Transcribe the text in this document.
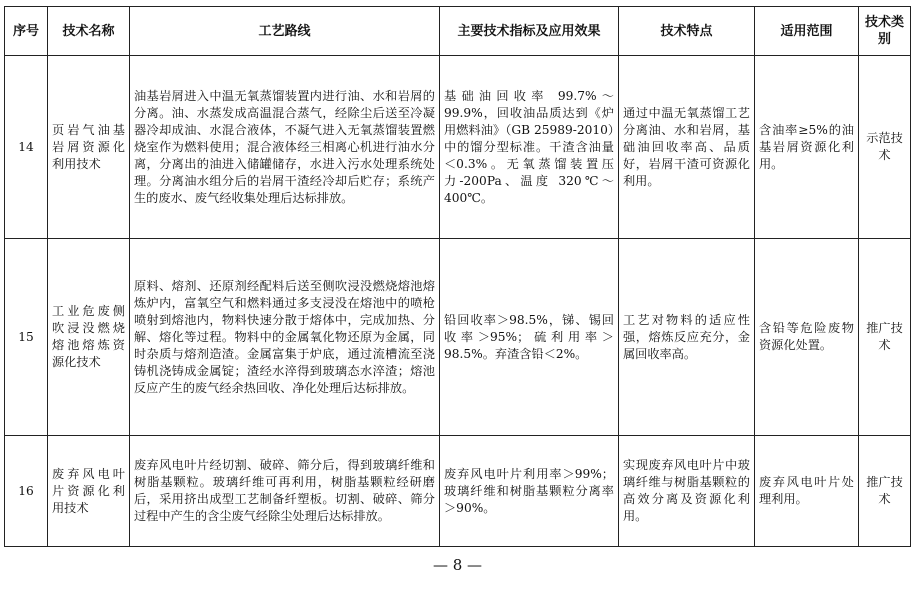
序号	技术名称	工艺路线	主要技术指标及应用效果	技术特点	适用范围	技术类别
14	页岩气油基岩屑资源化利用技术	油基岩屑进入中温无氧蒸馏装置内进行油、水和岩屑的分离。油、水蒸发成高温混合蒸气，经除尘后送至冷凝器冷却成油、水混合液体，不凝气进入无氧蒸馏装置燃烧室作为燃料使用；混合液体经三相离心机进行油水分离，分离出的油进入储罐储存，水进入污水处理系统处理。分离油水组分后的岩屑干渣经冷却后贮存；系统产生的废水、废气经收集处理后达标排放。	基础油回收率 99.7%～99.9%，回收油品质达到《炉用燃料油》（GB 25989-2010）中的馏分型标准。干渣含油量＜0.3%。无氧蒸馏装置压力-200Pa、温度 320℃～400℃。	通过中温无氧蒸馏工艺分离油、水和岩屑，基础油回收率高、品质好，岩屑干渣可资源化利用。	含油率≥5%的油基岩屑资源化利用。	示范技术
15	工业危废侧吹浸没燃烧熔池熔炼资源化技术	原料、熔剂、还原剂经配料后送至侧吹浸没燃烧熔池熔炼炉内，富氧空气和燃料通过多支浸没在熔池中的喷枪喷射到熔池内，物料快速分散于熔体中，完成加热、分解、熔化等过程。物料中的金属氧化物还原为金属，同时杂质与熔剂造渣。金属富集于炉底，通过流槽流至浇铸机浇铸成金属锭；渣经水淬得到玻璃态水淬渣；熔池反应产生的废气经余热回收、净化处理后达标排放。	铅回收率＞98.5%，锑、锡回收率＞95%；硫利用率＞98.5%。弃渣含铅＜2%。	工艺对物料的适应性强，熔炼反应充分，金属回收率高。	含铅等危险废物资源化处置。	推广技术
16	废弃风电叶片资源化利用技术	废弃风电叶片经切割、破碎、筛分后，得到玻璃纤维和树脂基颗粒。玻璃纤维可再利用，树脂基颗粒经研磨后，采用挤出成型工艺制备纤塑板。切割、破碎、筛分过程中产生的含尘废气经除尘处理后达标排放。	废弃风电叶片利用率＞99%；玻璃纤维和树脂基颗粒分离率＞90%。	实现废弃风电叶片中玻璃纤维与树脂基颗粒的高效分离及资源化利用。	废弃风电叶片处理利用。	推广技术
— 8 —
